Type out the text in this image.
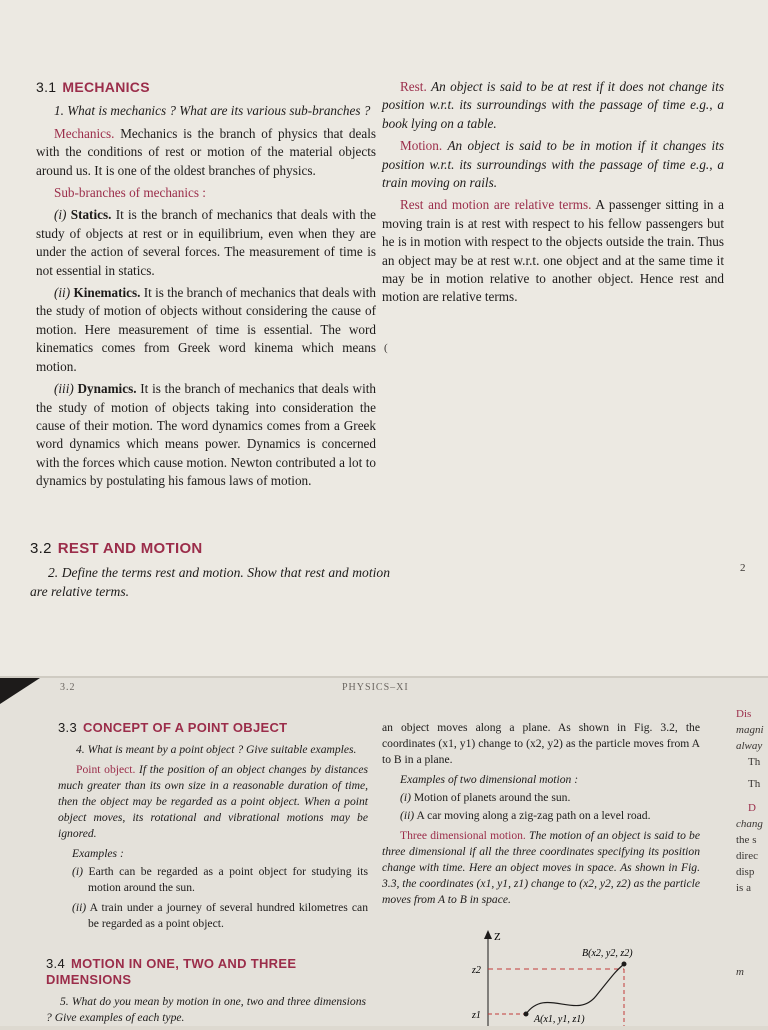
3.1 MECHANICS

1. What is mechanics ? What are its various sub-branches ?

Mechanics. Mechanics is the branch of physics that deals with the conditions of rest or motion of the material objects around us. It is one of the oldest branches of physics.

Sub-branches of mechanics :

(i) Statics. It is the branch of mechanics that deals with the study of objects at rest or in equilibrium, even when they are under the action of several forces. The measurement of time is not essential in statics.

(ii) Kinematics. It is the branch of mechanics that deals with the study of motion of objects without considering the cause of motion. Here measurement of time is essential. The word kinematics comes from Greek word kinema which means motion.

(iii) Dynamics. It is the branch of mechanics that deals with the study of motion of objects taking into consideration the cause of their motion. The word dynamics comes from a Greek word dynamics which means power. Dynamics is concerned with the forces which cause motion. Newton contributed a lot to dynamics by postulating his famous laws of motion.

3.2 REST AND MOTION

2. Define the terms rest and motion. Show that rest and motion are relative terms.

Rest. An object is said to be at rest if it does not change its position w.r.t. its surroundings with the passage of time e.g., a book lying on a table.

Motion. An object is said to be in motion if it changes its position w.r.t. its surroundings with the passage of time e.g., a train moving on rails.

Rest and motion are relative terms. A passenger sitting in a moving train is at rest with respect to his fellow passengers but he is in motion with respect to the objects outside the train. Thus an object may be at rest w.r.t. one object and at the same time it may be in motion relative to another object. Hence rest and motion are relative terms.

(
2
3.2	PHYSICS–XI
3.3 CONCEPT OF A POINT OBJECT

4. What is meant by a point object ? Give suitable examples.

Point object. If the position of an object changes by distances much greater than its own size in a reasonable duration of time, then the object may be regarded as a point object. When a point object moves, its rotational and vibrational motions may be ignored.

Examples :

(i) Earth can be regarded as a point object for studying its motion around the sun.

(ii) A train under a journey of several hundred kilometres can be regarded as a point object.

3.4 MOTION IN ONE, TWO AND THREE DIMENSIONS

5. What do you mean by motion in one, two and three dimensions ? Give examples of each type.

an object moves along a plane. As shown in Fig. 3.2, the coordinates (x1, y1) change to (x2, y2) as the particle moves from A to B in a plane.

Examples of two dimensional motion :

(i) Motion of planets around the sun.

(ii) A car moving along a zig-zag path on a level road.

Three dimensional motion. The motion of an object is said to be three dimensional if all the three coordinates specifying its position change with time. Here an object moves in space. As shown in Fig. 3.3, the coordinates (x1, y1, z1) change to (x2, y2, z2) as the particle moves from A to B in space.

Z
z2
z1
B(x2, y2, z2)
A(x1, y1, z1)
Dis
magni
alway
Th
Th
D
chang
the s
direc
disp
is a
m
